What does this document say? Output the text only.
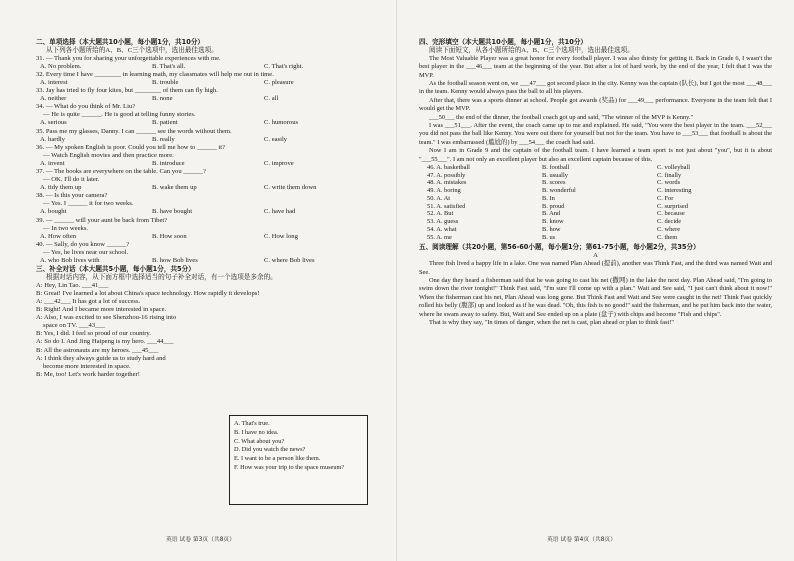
二、单项选择（本大题共10小题，每小题1分，共10分）
从下列各小题所给的A、B、C三个选项中，选出最佳选项。
31. — Thank you for sharing your unforgettable experiences with me.
A. No problem.	B. That's all.	C. That's right.
32. Every time I have ________ in learning math, my classmates will help me out in time.
A. interest	B. trouble	C. pleasure
33. Jay has tried to fly four kites, but ________ of them can fly high.
A. neither	B. none	C. all
34. — What do you think of Mr. Liu?
— He is quite ______. He is good at telling funny stories.
A. serious	B. patient	C. humorous
35. Pass me my glasses, Danny. I can ______ see the words without them.
A. hardly	B. really	C. easily
36. — My spoken English is poor. Could you tell me how to ______ it?
— Watch English movies and then practice more.
A. invent	B. introduce	C. improve
37. — The books are everywhere on the table. Can you ______?
— OK. I'll do it later.
A. tidy them up	B. wake them up	C. write them down
38. — Is this your camera?
— Yes. I ______ it for two weeks.
A. bought	B. have bought	C. have had
39. — ______ will your aunt be back from Tibet?
— In two weeks.
A. How often	B. How soon	C. How long
40. — Sally, do you know ______?
— Yes, he lives near our school.
A. who Bob lives with	B. how Bob lives	C. where Bob lives
三、补全对话（本大题共5小题，每小题1分，共5分）
根据对话内容，从下面方框中选择适当的句子补全对话，有一个选项是多余的。
A: Hey, Lin Tao. ___41___
B: Great! I've learned a lot about China's space technology. How rapidly it develops!
A: ___42___ It has got a lot of success.
B: Right! And I became more interested in space.
A: Also, I was excited to see Shenzhou-16 rising into
space on TV. ___43___
B: Yes, I did. I feel so proud of our country.
A: So do I. And Jing Haipeng is my hero. ___44___
B: All the astronauts are my heroes. ___45___
A: I think they always guide us to study hard and
become more interested in space.
B: Me, too! Let's work harder together!
A. That's true.
B. I have no idea.
C. What about you?
D. Did you watch the news?
E. I want to be a person like them.
F. How was your trip to the space museum?
英语 试卷 第3页（共8页）
四、完形填空（本大题共10小题，每小题1分，共10分）
阅读下面短文，从各小题所给的A、B、C三个选项中，选出最佳选项。
The Most Valuable Player was a great honor for every football player. I was also thirsty for getting it. Back in Grade 6, I wasn't the best player in the ___46___ team at the beginning of the year. But after a lot of hard work, by the end of the year, I felt that I was the MVP.
As the football season went on, we ___47___ got second place in the city. Kenny was the captain (队长), but I got the most ___48___ in the team. Kenny would always pass the ball to all his players.
After that, there was a sports dinner at school. People got awards (奖品) for ___49___ performance. Everyone in the team felt that I would get the MVP.
___50___ the end of the dinner, the football coach got up and said, "The winner of the MVP is Kenny."
I was ___51___. After the event, the coach came up to me and explained. He said, "You were the best player in the team. ___52___ you did not pass the ball like Kenny. You were out there for yourself but not for the team. You have to ___53___ that football is about the team." I was embarrassed (尴尬的) by ___54___ the coach had said.
Now I am in Grade 9 and the captain of the football team. I have learned a team sport is not just about "you", but it is about "___55___". I am not only an excellent player but also an excellent captain because of this.
46. A. basketball	B. football	C. volleyball
47. A. possibly	B. usually	C. finally
48. A. mistakes	B. scores	C. words
49. A. boring	B. wonderful	C. interesting
50. A. At	B. In	C. For
51. A. satisfied	B. proud	C. surprised
52. A. But	B. And	C. because
53. A. guess	B. know	C. decide
54. A. what	B. how	C. where
55. A. me	B. us	C. them
五、阅读理解（共20小题，第56-60小题，每小题1分；第61-75小题，每小题2分，共35分）
A
Three fish lived a happy life in a lake. One was named Plan Ahead (提前), another was Think Fast, and the third was named Wait and See.
One day they heard a fisherman said that he was going to cast his net (撒网) in the lake the next day. Plan Ahead said, "I'm going to swim down the river tonight!" Think Fast said, "I'm sure I'll come up with a plan." Wait and See said, "I just can't think about it now!" When the fisherman cast his net, Plan Ahead was long gone. But Think Fast and Wait and See were caught in the net! Think Fast quickly rolled his belly (腹部) up and looked as if he was dead. "Oh, this fish is no good!" said the fisherman, and he put him back into the water, where he swam away to safety. But, Wait and See ended up on a plate (盘子) with chips and become "Fish and chips".
That is why they say, "In times of danger, when the net is cast, plan ahead or plan to think fast!"
英语 试卷 第4页（共8页）
